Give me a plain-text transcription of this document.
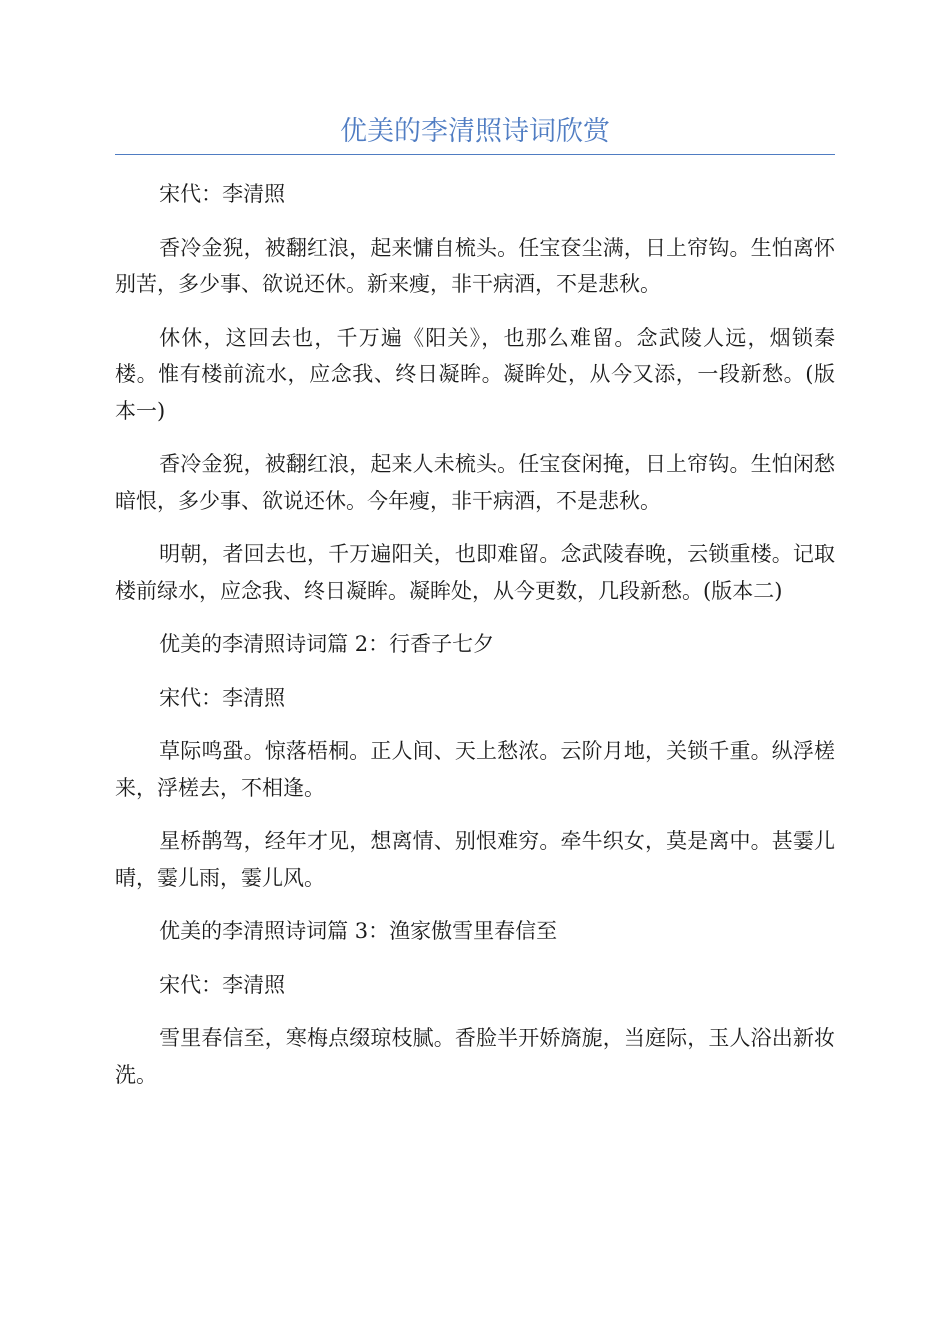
优美的李清照诗词欣赏

宋代：李清照

香冷金猊，被翻红浪，起来慵自梳头。任宝奁尘满，日上帘钩。生怕离怀别苦，多少事、欲说还休。新来瘦，非干病酒，不是悲秋。

休休，这回去也，千万遍《阳关》，也那么难留。念武陵人远，烟锁秦楼。惟有楼前流水，应念我、终日凝眸。凝眸处，从今又添，一段新愁。(版本一)

香冷金猊，被翻红浪，起来人未梳头。任宝奁闲掩，日上帘钩。生怕闲愁暗恨，多少事、欲说还休。今年瘦，非干病酒，不是悲秋。

明朝，者回去也，千万遍阳关，也即难留。念武陵春晚，云锁重楼。记取楼前绿水，应念我、终日凝眸。凝眸处，从今更数，几段新愁。(版本二)

优美的李清照诗词篇 2：行香子七夕

宋代：李清照

草际鸣蛩。惊落梧桐。正人间、天上愁浓。云阶月地，关锁千重。纵浮槎来，浮槎去，不相逢。

星桥鹊驾，经年才见，想离情、别恨难穷。牵牛织女，莫是离中。甚霎儿晴，霎儿雨，霎儿风。

优美的李清照诗词篇 3：渔家傲雪里春信至

宋代：李清照

雪里春信至，寒梅点缀琼枝腻。香脸半开娇旖旎，当庭际，玉人浴出新妆洗。
